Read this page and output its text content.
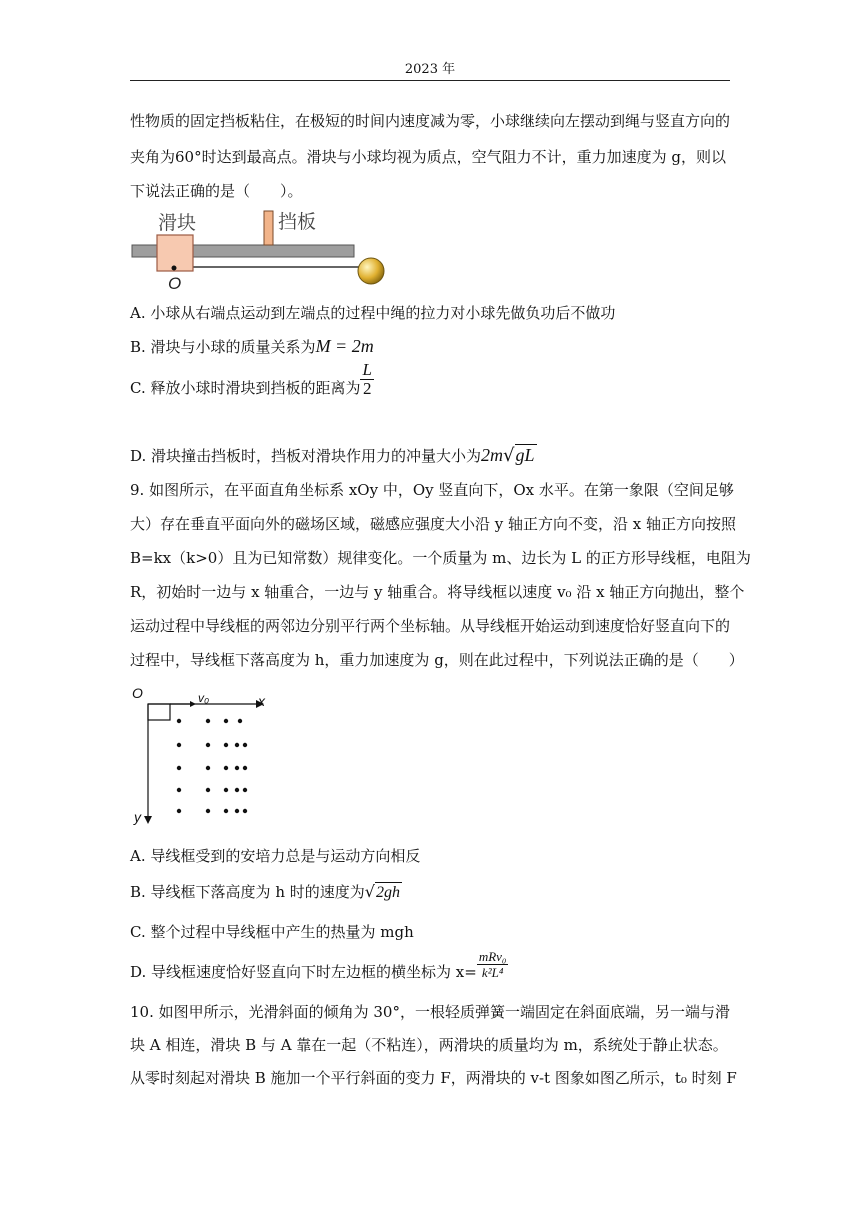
2023 年
性物质的固定挡板粘住，在极短的时间内速度减为零，小球继续向左摆动到绳与竖直方向的
夹角为60°时达到最高点。滑块与小球均视为质点，空气阻力不计，重力加速度为 g，则以
下说法正确的是（　　）。
滑块	挡板
O
A. 小球从右端点运动到左端点的过程中绳的拉力对小球先做负功后不做功
B. 滑块与小球的质量关系为M = 2m
C. 释放小球时滑块到挡板的距离为 $\frac{L}{2}$
D. 滑块撞击挡板时，挡板对滑块作用力的冲量大小为2m√gL
9. 如图所示，在平面直角坐标系 xOy 中，Oy 竖直向下，Ox 水平。在第一象限（空间足够
大）存在垂直平面向外的磁场区域，磁感应强度大小沿 y 轴正方向不变，沿 x 轴正方向按照
B=kx（k>0）且为已知常数）规律变化。一个质量为 m、边长为 L 的正方形导线框，电阻为
R，初始时一边与 x 轴重合，一边与 y 轴重合。将导线框以速度 v₀ 沿 x 轴正方向抛出，整个
运动过程中导线框的两邻边分别平行两个坐标轴。从导线框开始运动到速度恰好竖直向下的
过程中，导线框下落高度为 h，重力加速度为 g，则在此过程中，下列说法正确的是（　　）
O	x
y
v₀
A. 导线框受到的安培力总是与运动方向相反
B. 导线框下落高度为 h 时的速度为√2gh
C. 整个过程中导线框中产生的热量为 mgh
D. 导线框速度恰好竖直向下时左边框的横坐标为 $x= \frac{\text{mRv₀}}{\text{k²L⁴}}$
10. 如图甲所示，光滑斜面的倾角为 30°，一根轻质弹簧一端固定在斜面底端，另一端与滑
块 A 相连，滑块 B 与 A 靠在一起（不粘连），两滑块的质量均为 m，系统处于静止状态。
从零时刻起对滑块 B 施加一个平行斜面的变力 F，两滑块的 v-t 图象如图乙所示，t₀ 时刻 F
